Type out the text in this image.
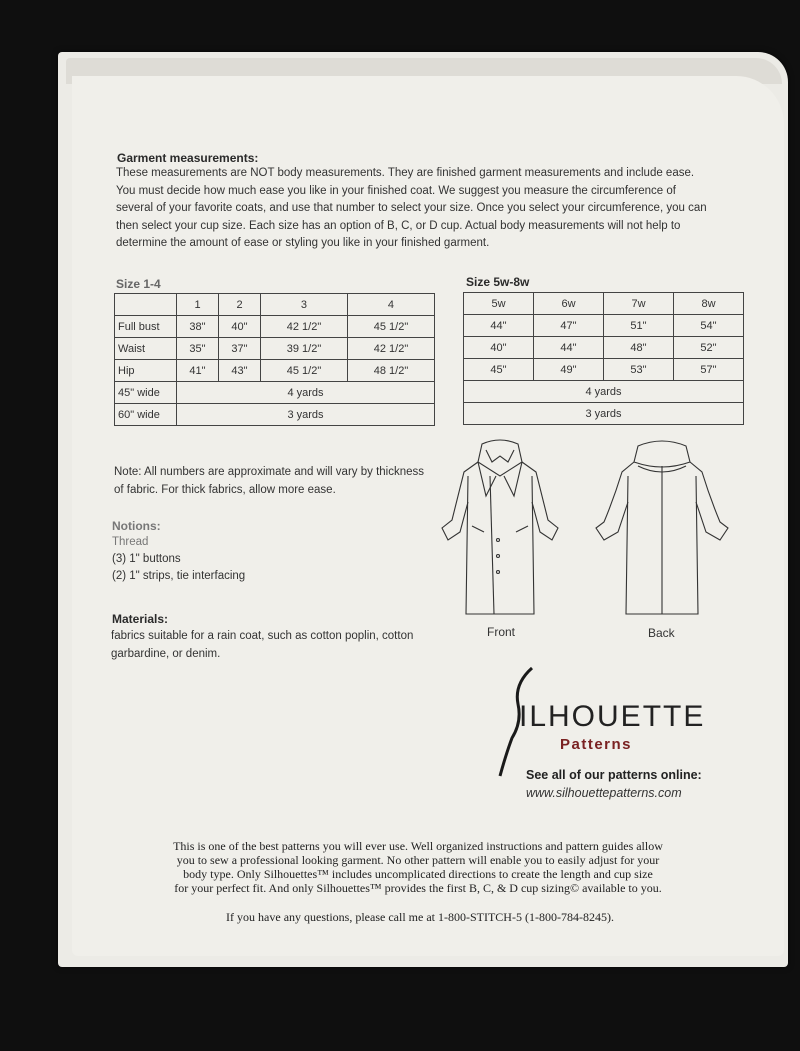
Garment measurements:
These measurements are NOT body measurements. They are finished garment measurements and include ease.
You must decide how much ease you like in your finished coat. We suggest you measure the circumference of
several of your favorite coats, and use that number to select your size. Once you select your circumference, you can
then select your cup size. Each size has an option of B, C, or D cup. Actual body measurements will not help to
determine the amount of ease or styling you like in your finished garment.
Size 1-4
	1	2	3	4
Full bust	38"	40"	42 1/2"	45 1/2"
Waist	35"	37"	39 1/2"	42 1/2"
Hip	41"	43"	45 1/2"	48 1/2"
45" wide	4 yards			
60" wide	3 yards			
Size 5w-8w
5w	6w	7w	8w
44"	47"	51"	54"
40"	44"	48"	52"
45"	49"	53"	57"
4 yards			
3 yards			
Note: All numbers are approximate and will vary by thickness
of fabric. For thick fabrics, allow more ease.
Notions:
Thread
(3) 1" buttons
(2) 1" strips, tie interfacing
Materials:
fabrics suitable for a rain coat, such as cotton poplin, cotton
garbardine, or denim.
Front	Back
ILHOUETTE
Patterns
See all of our patterns online:
www.silhouettepatterns.com
This is one of the best patterns you will ever use. Well organized instructions and pattern guides allow
you to sew a professional looking garment. No other pattern will enable you to easily adjust for your
body type. Only Silhouettes™ includes uncomplicated directions to create the length and cup size
for your perfect fit. And only Silhouettes™ provides the first B, C, & D cup sizing© available to you.
If you have any questions, please call me at 1-800-STITCH-5 (1-800-784-8245).
